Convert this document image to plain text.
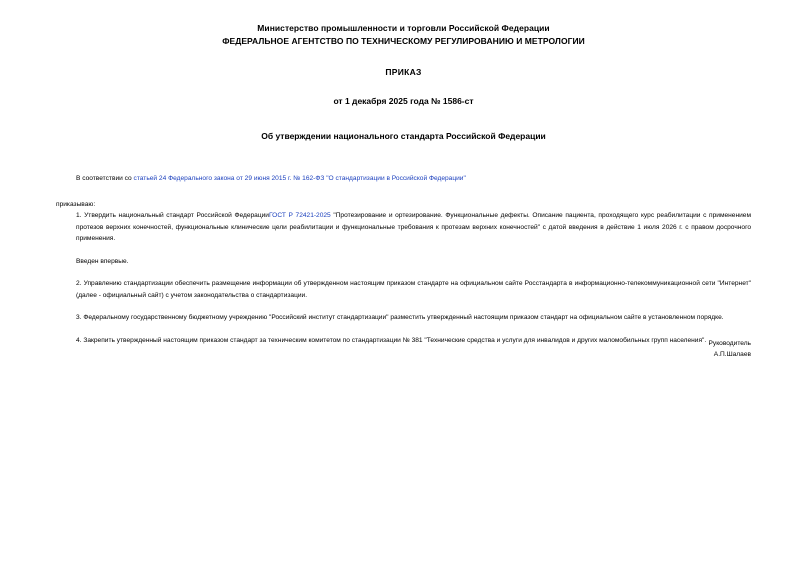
Министерство промышленности и торговли Российской Федерации
ФЕДЕРАЛЬНОЕ АГЕНТСТВО ПО ТЕХНИЧЕСКОМУ РЕГУЛИРОВАНИЮ И МЕТРОЛОГИИ
ПРИКАЗ
от 1 декабря 2025 года № 1586-ст
Об утверждении национального стандарта Российской Федерации
В соответствии со статьей 24 Федерального закона от 29 июня 2015 г. № 162-ФЗ "О стандартизации в Российской Федерации"

приказываю:

1. Утвердить национальный стандарт Российской ФедерацииГОСТ Р 72421-2025 "Протезирование и ортезирование. Функциональные дефекты. Описание пациента, проходящего курс реабилитации с применением протезов верхних конечностей, функциональные клинические цели реабилитации и функциональные требования к протезам верхних конечностей" с датой введения в действие 1 июля 2026 г. с правом досрочного применения.

Введен впервые.

2. Управлению стандартизации обеспечить размещение информации об утвержденном настоящим приказом стандарте на официальном сайте Росстандарта в информационно-телекоммуникационной сети "Интернет" (далее - официальный сайт) с учетом законодательства о стандартизации.

3. Федеральному государственному бюджетному учреждению "Российский институт стандартизации" разместить утвержденный настоящим приказом стандарт на официальном сайте в установленном порядке.

4. Закрепить утвержденный настоящим приказом стандарт за техническим комитетом по стандартизации № 381 "Технические средства и услуги для инвалидов и других маломобильных групп населения". Руководитель
А.П.Шалаев
